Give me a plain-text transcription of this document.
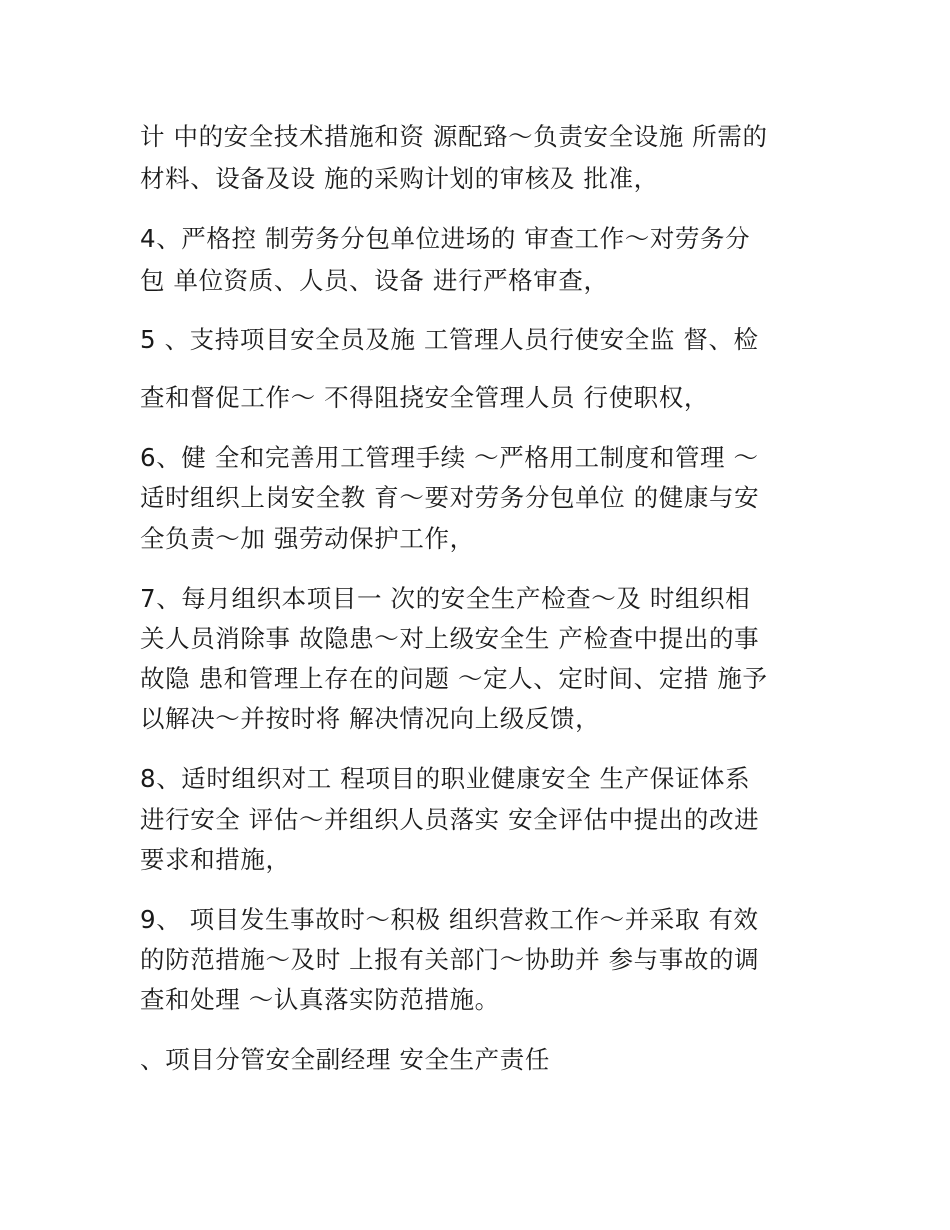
计 中的安全技术措施和资 源配臵～负责安全设施 所需的
材料、设备及设 施的采购计划的审核及 批准，
4、严格控 制劳务分包单位进场的 审查工作～对劳务分
包 单位资质、人员、设备 进行严格审查，
5 、支持项目安全员及施 工管理人员行使安全监 督、检
查和督促工作～ 不得阻挠安全管理人员 行使职权，
6、健 全和完善用工管理手续 ～严格用工制度和管理 ～
适时组织上岗安全教 育～要对劳务分包单位 的健康与安
全负责～加 强劳动保护工作，
7、每月组织本项目一 次的安全生产检查～及 时组织相
关人员消除事 故隐患～对上级安全生 产检查中提出的事
故隐 患和管理上存在的问题 ～定人、定时间、定措 施予
以解决～并按时将 解决情况向上级反馈，
8、适时组织对工 程项目的职业健康安全 生产保证体系
进行安全 评估～并组织人员落实 安全评估中提出的改进
要求和措施，
9、 项目发生事故时～积极 组织营救工作～并采取 有效
的防范措施～及时 上报有关部门～协助并 参与事故的调
查和处理 ～认真落实防范措施。
、项目分管安全副经理 安全生产责任
